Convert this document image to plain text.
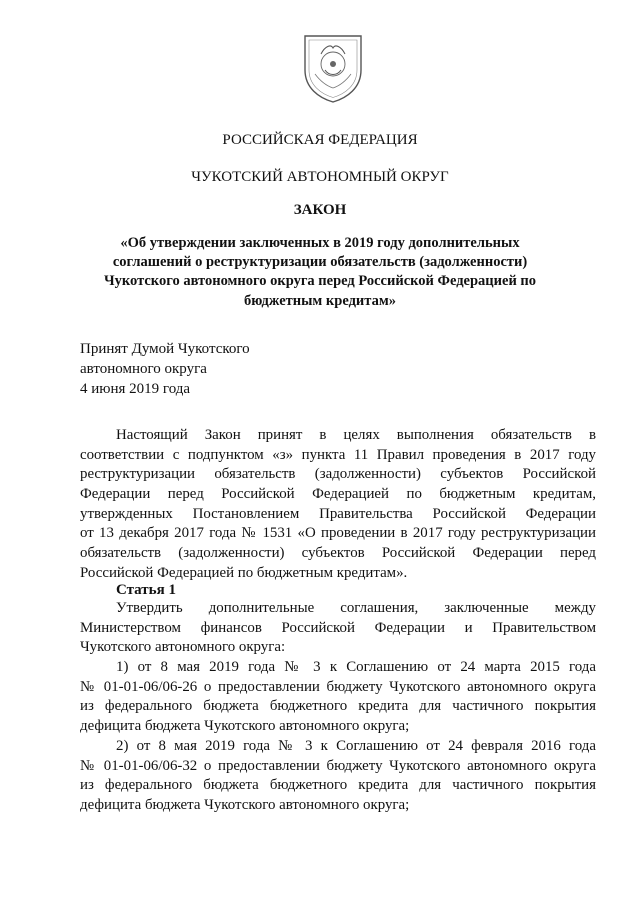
РОССИЙСКАЯ ФЕДЕРАЦИЯ
ЧУКОТСКИЙ АВТОНОМНЫЙ ОКРУГ
ЗАКОН
«Об утверждении заключенных в 2019 году дополнительных
соглашений о реструктуризации обязательств (задолженности)
Чукотского автономного округа перед Российской Федерацией по
бюджетным кредитам»
Принят Думой Чукотского
автономного округа
4 июня 2019 года
Настоящий Закон принят в целях выполнения обязательств в
соответствии с подпунктом «з» пункта 11 Правил проведения в 2017 году
реструктуризации обязательств (задолженности) субъектов Российской
Федерации перед Российской Федерацией по бюджетным кредитам,
утвержденных Постановлением Правительства Российской Федерации
от 13 декабря 2017 года № 1531 «О проведении в 2017 году реструктуризации
обязательств (задолженности) субъектов Российской Федерации перед
Российской Федерацией по бюджетным кредитам».
Статья 1
Утвердить дополнительные соглашения, заключенные между
Министерством финансов Российской Федерации и Правительством
Чукотского автономного округа:
1) от 8 мая 2019 года № 3 к Соглашению от 24 марта 2015 года
№ 01-01-06/06-26 о предоставлении бюджету Чукотского автономного округа
из федерального бюджета бюджетного кредита для частичного покрытия
дефицита бюджета Чукотского автономного округа;
2) от 8 мая 2019 года № 3 к Соглашению от 24 февраля 2016 года
№ 01-01-06/06-32 о предоставлении бюджету Чукотского автономного округа
из федерального бюджета бюджетного кредита для частичного покрытия
дефицита бюджета Чукотского автономного округа;
